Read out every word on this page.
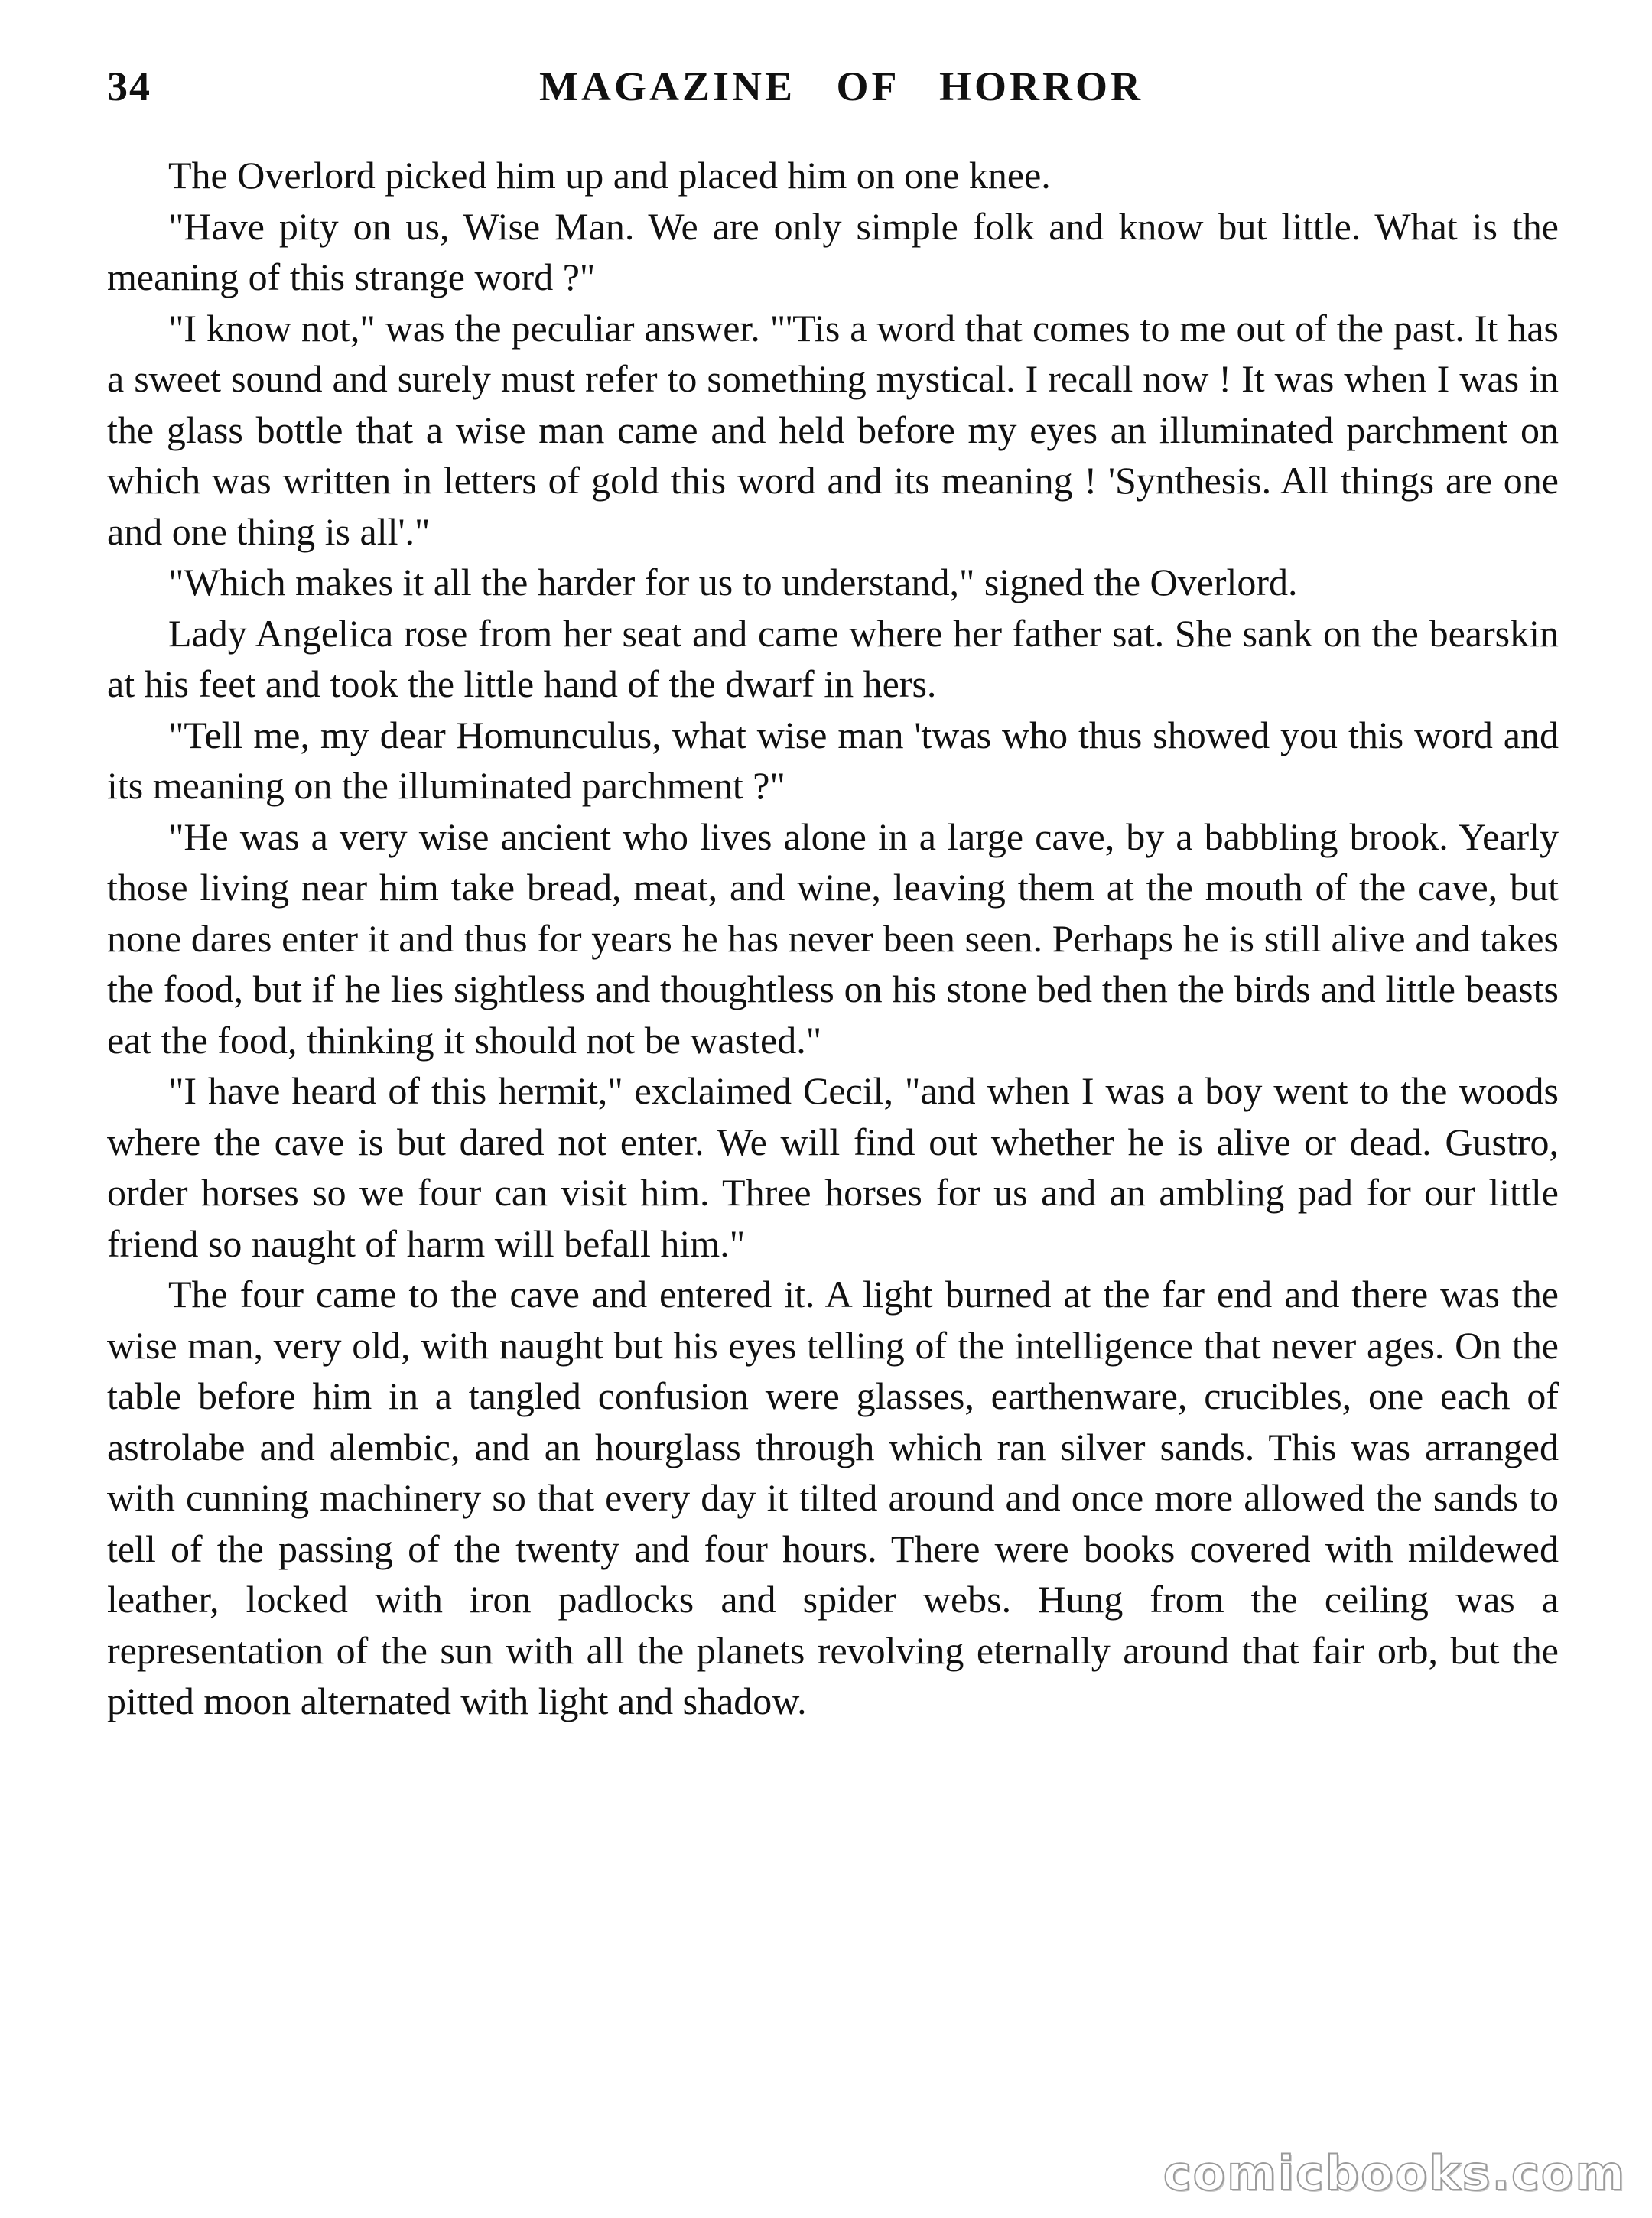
34	MAGAZINE OF HORROR

The Overlord picked him up and placed him on one knee.

"Have pity on us, Wise Man. We are only simple folk and know but little. What is the meaning of this strange word ?"

"I know not," was the peculiar answer. "'Tis a word that comes to me out of the past. It has a sweet sound and surely must refer to something mystical. I recall now ! It was when I was in the glass bottle that a wise man came and held before my eyes an illuminated parchment on which was written in letters of gold this word and its meaning ! 'Synthesis. All things are one and one thing is all'."

"Which makes it all the harder for us to understand," signed the Overlord.

Lady Angelica rose from her seat and came where her father sat. She sank on the bearskin at his feet and took the little hand of the dwarf in hers.

"Tell me, my dear Homunculus, what wise man 'twas who thus showed you this word and its meaning on the illuminated parchment ?"

"He was a very wise ancient who lives alone in a large cave, by a babbling brook. Yearly those living near him take bread, meat, and wine, leaving them at the mouth of the cave, but none dares enter it and thus for years he has never been seen. Perhaps he is still alive and takes the food, but if he lies sightless and thoughtless on his stone bed then the birds and little beasts eat the food, thinking it should not be wasted."

"I have heard of this hermit," exclaimed Cecil, "and when I was a boy went to the woods where the cave is but dared not enter. We will find out whether he is alive or dead. Gustro, order horses so we four can visit him. Three horses for us and an ambling pad for our little friend so naught of harm will befall him."

The four came to the cave and entered it. A light burned at the far end and there was the wise man, very old, with naught but his eyes telling of the intelligence that never ages. On the table before him in a tangled confusion were glasses, earthenware, crucibles, one each of astrolabe and alembic, and an hourglass through which ran silver sands. This was arranged with cunning machinery so that every day it tilted around and once more allowed the sands to tell of the passing of the twenty and four hours. There were books covered with mildewed leather, locked with iron padlocks and spider webs. Hung from the ceiling was a representation of the sun with all the planets revolving eternally around that fair orb, but the pitted moon alternated with light and shadow.

comicbooks.com
